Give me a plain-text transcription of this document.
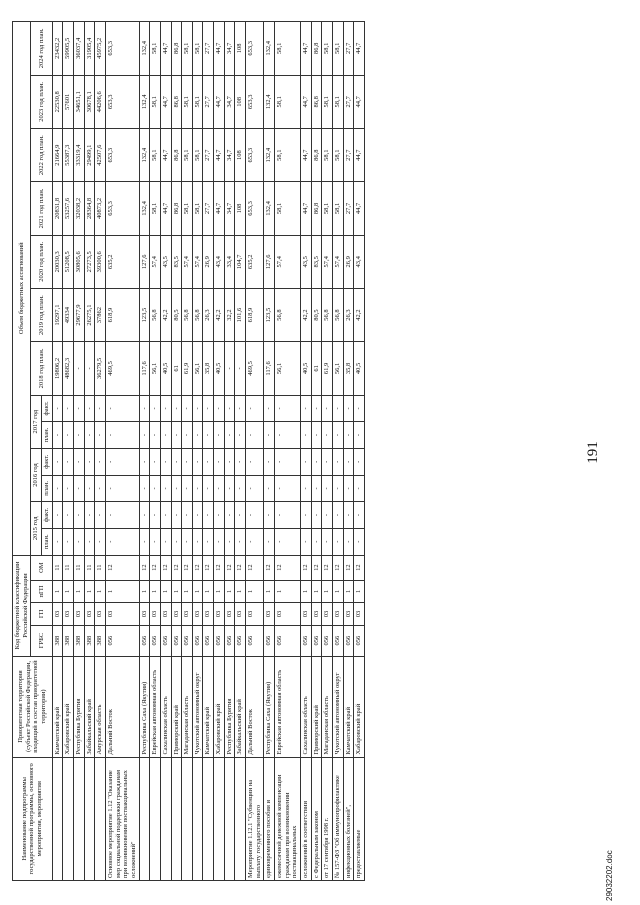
Наименование подпрограммы государственной программы, основного мероприятия, мероприятия	Приоритетная территория (субъект Российской Федерации, входящий в состав приоритетной территории)	Код бюджетной классификации Российской Федерации				Объем бюджетных ассигнований												
		ГРБС	ГП	пГП	ОМ	2015 год		2016 год		2017 год		2018 год план.	2019 год план.	2020 год план.	2021 год план.	2022 год план.	2023 год план.	2024 год план.
						план.	факт.	план.	факт.	план.	факт.							
	Камчатский край	388	03	1	11	-	-	-	-	-	-	19806,2	19297,1	20030,3	20831,8	21664,9	22530,8	23432,2
	Хабаровский край	388	03	1	11	-	-	-	-	-	-	48682,3	49334	51208,5	53257,6	55387,3	57601	59905,5
	Республика Бурятия	388	03	1	11	-	-	-	-	-	-	-	29677,9	30805,6	32038,2	33319,4	34651,1	36037,4
	Забайкальский край	388	03	1	11	-	-	-	-	-	-	-	26275,1	27273,5	28364,8	29499,1	30678,1	31905,4
	Амурская область	388	03	1	11	-	-	-	-	-	-	36279,5	37862	39300,6	40873,2	42507,6	44206,6	45975,2
Основное мероприятие 1.12 "Оказание мер социальной поддержки гражданам при возникновении поствакцинальных осложнений"	Дальний Восток	056	03	1	12	-	-	-	-	-	-	469,5	618,9	635,2	653,3	653,3	653,3	653,3
	Республика Саха (Якутия)	056	03	1	12	-	-	-	-	-	-	117,6	123,5	127,6	132,4	132,4	132,4	132,4
	Еврейская автономная область	056	03	1	12	-	-	-	-	-	-	56,1	56,8	57,4	58,1	58,1	58,1	58,1
	Сахалинская область	056	03	1	12	-	-	-	-	-	-	40,5	42,2	43,5	44,7	44,7	44,7	44,7
	Приморский край	056	03	1	12	-	-	-	-	-	-	61	80,5	83,5	86,8	86,8	86,8	86,8
	Магаданская область	056	03	1	12	-	-	-	-	-	-	61,9	56,8	57,4	58,1	58,1	58,1	58,1
	Чукотский автономный округ	056	03	1	12	-	-	-	-	-	-	56,1	56,8	57,4	58,1	58,1	58,1	58,1
	Камчатский край	056	03	1	12	-	-	-	-	-	-	35,8	26,3	26,9	27,7	27,7	27,7	27,7
	Хабаровский край	056	03	1	12	-	-	-	-	-	-	40,5	42,2	43,4	44,7	44,7	44,7	44,7
	Республика Бурятия	056	03	1	12	-	-	-	-	-	-	-	32,2	33,4	34,7	34,7	34,7	34,7
	Забайкальский край	056	03	1	12	-	-	-	-	-	-	-	101,6	104,7	108	108	108	108
Мероприятие 1.12.1 "Субвенции на выплату государственного	Дальний Восток	056	03	1	12	-	-	-	-	-	-	469,5	618,9	635,2	653,3	653,3	653,3	653,3
единовременного пособия и	Республика Саха (Якутия)	056	03	1	12	-	-	-	-	-	-	117,6	123,5	127,6	132,4	132,4	132,4	132,4
ежемесячной денежной компенсации гражданам при возникновении поствакцинальных	Еврейская автономная область	056	03	1	12	-	-	-	-	-	-	56,1	56,8	57,4	58,1	58,1	58,1	58,1
осложнений в соответствии	Сахалинская область	056	03	1	12	-	-	-	-	-	-	40,5	42,2	43,5	44,7	44,7	44,7	44,7
с Федеральным законом	Приморский край	056	03	1	12	-	-	-	-	-	-	61	80,5	83,5	86,8	86,8	86,8	86,8
от 17 сентября 1998 г.	Магаданская область	056	03	1	12	-	-	-	-	-	-	61,9	56,8	57,4	58,1	58,1	58,1	58,1
№ 157-ФЗ "Об иммунопрофилактике	Чукотский автономный округ	056	03	1	12	-	-	-	-	-	-	56,1	56,8	57,4	58,1	58,1	58,1	58,1
инфекционных болезней",	Камчатский край	056	03	1	12	-	-	-	-	-	-	35,8	26,3	26,9	27,7	27,7	27,7	27,7
предоставляемые	Хабаровский край	056	03	1	12	-	-	-	-	-	-	40,5	42,2	43,4	44,7	44,7	44,7	44,7
191
29032202.doc
